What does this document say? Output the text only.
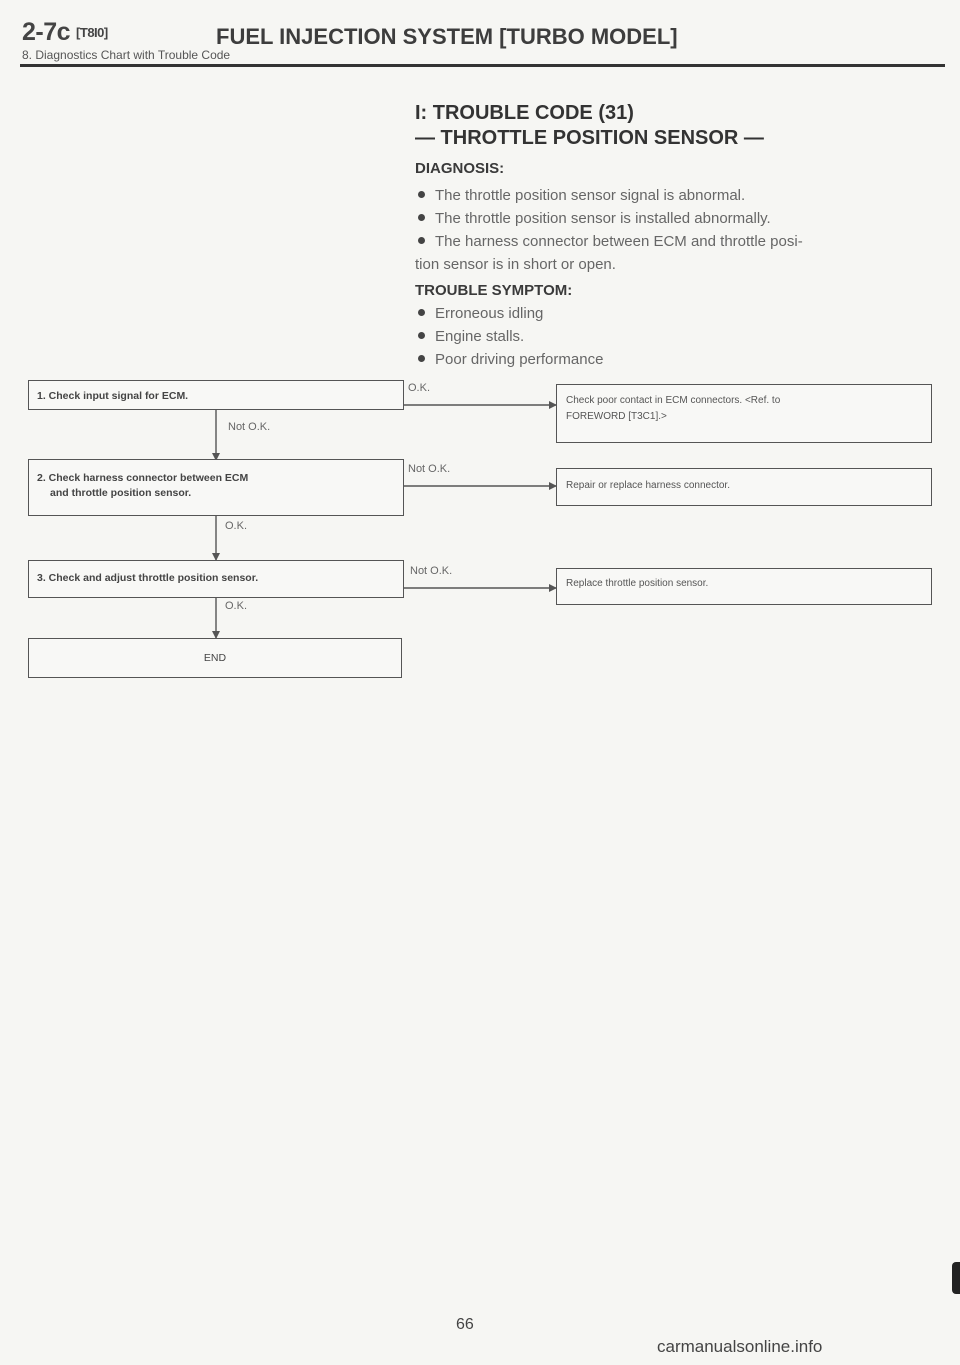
2-7c [T8I0]	FUEL INJECTION SYSTEM [TURBO MODEL]
8. Diagnostics Chart with Trouble Code
I: TROUBLE CODE (31)
— THROTTLE POSITION SENSOR —
DIAGNOSIS:
The throttle position sensor signal is abnormal.
The throttle position sensor is installed abnormally.
The harness connector between ECM and throttle posi-
tion sensor is in short or open.
TROUBLE SYMPTOM:
Erroneous idling
Engine stalls.
Poor driving performance
1. Check input signal for ECM.
2. Check harness connector between ECM
and throttle position sensor.
3. Check and adjust throttle position sensor.
END
Not O.K.
O.K.
O.K.
O.K.
Not O.K.
Not O.K.
Check poor contact in ECM connectors. <Ref. to
FOREWORD [T3C1].>
Repair or replace harness connector.
Replace throttle position sensor.
66
carmanualsonline.info
